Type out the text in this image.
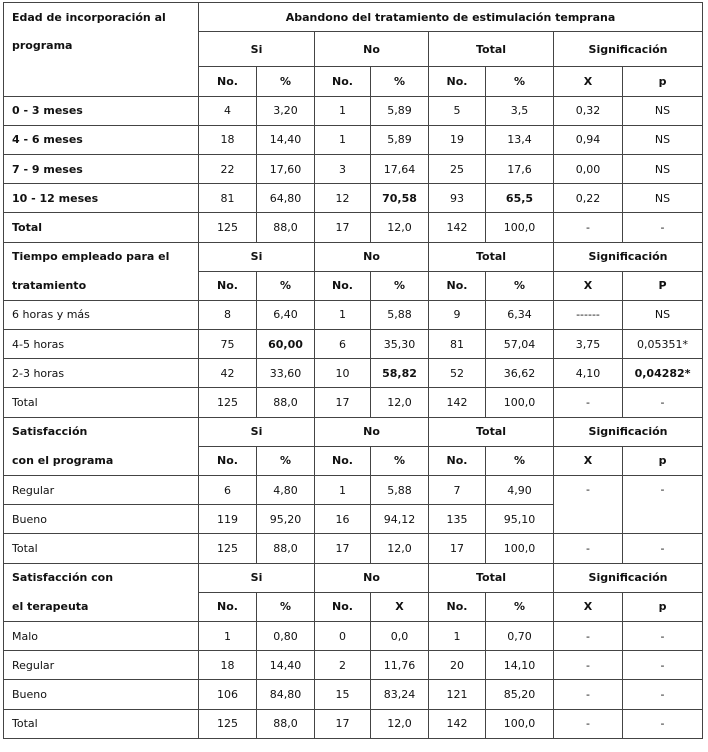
Edad de incorporación al	Abandono del tratamiento de estimulación temprana							
programa	Si		No		Total		Significación	
	No.	%	No.	%	No.	%	X	p
0 - 3 meses	4	3,20	1	5,89	5	3,5	0,32	NS
4 - 6 meses	18	14,40	1	5,89	19	13,4	0,94	NS
7 - 9 meses	22	17,60	3	17,64	25	17,6	0,00	NS
10 - 12 meses	81	64,80	12	70,58	93	65,5	0,22	NS
Total	125	88,0	17	12,0	142	100,0	-	-
Tiempo empleado para el	Si		No		Total		Significación	
tratamiento	No.	%	No.	%	No.	%	X	P
6 horas y más	8	6,40	1	5,88	9	6,34	------	NS
4-5 horas	75	60,00	6	35,30	81	57,04	3,75	0,05351*
2-3 horas	42	33,60	10	58,82	52	36,62	4,10	0,04282*
Total	125	88,0	17	12,0	142	100,0	-	-
Satisfacción	Si		No		Total		Significación	
con el programa	No.	%	No.	%	No.	%	X	p
Regular	6	4,80	1	5,88	7	4,90	-	-
Bueno	119	95,20	16	94,12	135	95,10		
Total	125	88,0	17	12,0	17	100,0	-	-
Satisfacción con	Si		No		Total		Significación	
el terapeuta	No.	%	No.	X	No.	%	X	p
Malo	1	0,80	0	0,0	1	0,70	-	-
Regular	18	14,40	2	11,76	20	14,10	-	-
Bueno	106	84,80	15	83,24	121	85,20	-	-
Total	125	88,0	17	12,0	142	100,0	-	-
